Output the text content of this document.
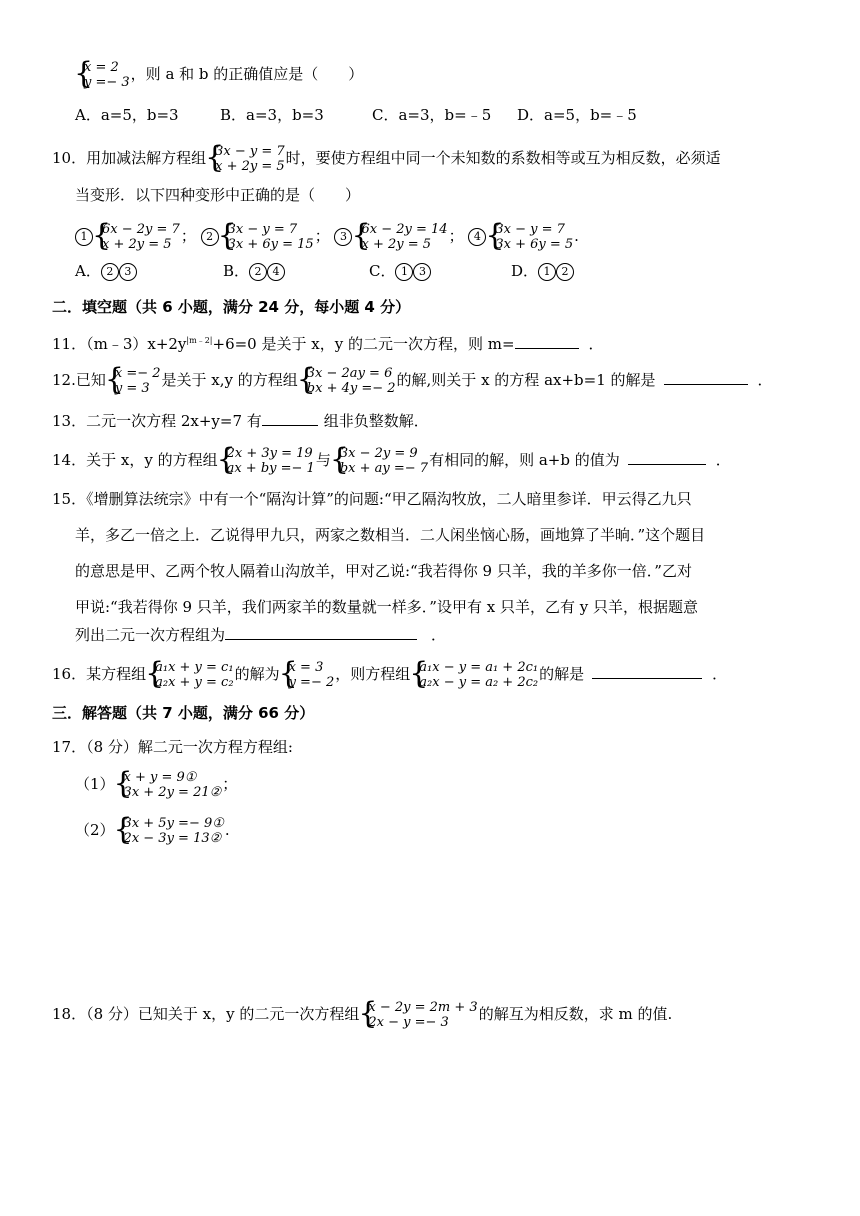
{ x = 2
y =− 3 ，则 a 和 b 的正确值应是（　　）
A．a=5，b=3	B．a=3，b=3	C．a=3，b=﹣5 D．a=5，b=﹣5
10．用加减法解方程组 { 3x − y = 7
x + 2y = 5 时，要使方程组中同一个未知数的系数相等或互为相反数，必须适
当变形．以下四种变形中正确的是（　　）
1 { 6x − 2y = 7
x + 2y = 5 ； 2 { 3x − y = 7
3x + 6y = 15 ； 3 { 6x − 2y = 14
x + 2y = 5	； 4 { 3x − y = 7
3x + 6y = 5 .
A． 2 3	B． 2 4	C． 1 3	D． 1 2
二．填空题（共 6 小题，满分 24 分，每小题 4 分）
11．$(m﹣3)x+2y^{|m﹣2|}+6=0$ 是关于 x，y 的二元一次方程，则 m=	．
12.已知 { x =− 2
y = 3 是关于 x,y 的方程组 { 3x − 2ay = 6
bx + 4y =− 2 的解,则关于 x 的方程 ax+b=1 的解是	．
13．二元一次方程 2x+y=7 有	组非负整数解．
14．关于 x，y 的方程组 { 2x + 3y = 19
ax + by =− 1 与 { 3x − 2y = 9
bx + ay =− 7 有相同的解，则 a+b 的值为	．
15．《增删算法统宗》中有一个“隔沟计算”的问题:“甲乙隔沟牧放，二人暗里参详．甲云得乙九只
羊，多乙一倍之上．乙说得甲九只，两家之数相当．二人闲坐恼心肠，画地算了半晌．”这个题目
的意思是甲、乙两个牧人隔着山沟放羊，甲对乙说:“我若得你 9 只羊，我的羊多你一倍．”乙对
甲说:“我若得你 9 只羊，我们两家羊的数量就一样多．”设甲有 x 只羊，乙有 y 只羊，根据题意
列出二元一次方程组为	．
16．某方程组 { a₁x + y = c₁
a₂x + y = c₂ 的解为 { x = 3
y =− 2 ，则方程组 { a₁x − y = a₁ + 2c₁
a₂x − y = a₂ + 2c₂ 的解是	．
三．解答题（共 7 小题，满分 66 分）
17．（8 分）解二元一次方程方程组:
（1） { x + y = 9①
3x + 2y = 21② ；
（2） { 3x + 5y =− 9①
2x − 3y = 13② .
18．（8 分）已知关于 x，y 的二元一次方程组 { x − 2y = 2m + 3
2x − y =− 3	的解互为相反数，求 m 的值.
